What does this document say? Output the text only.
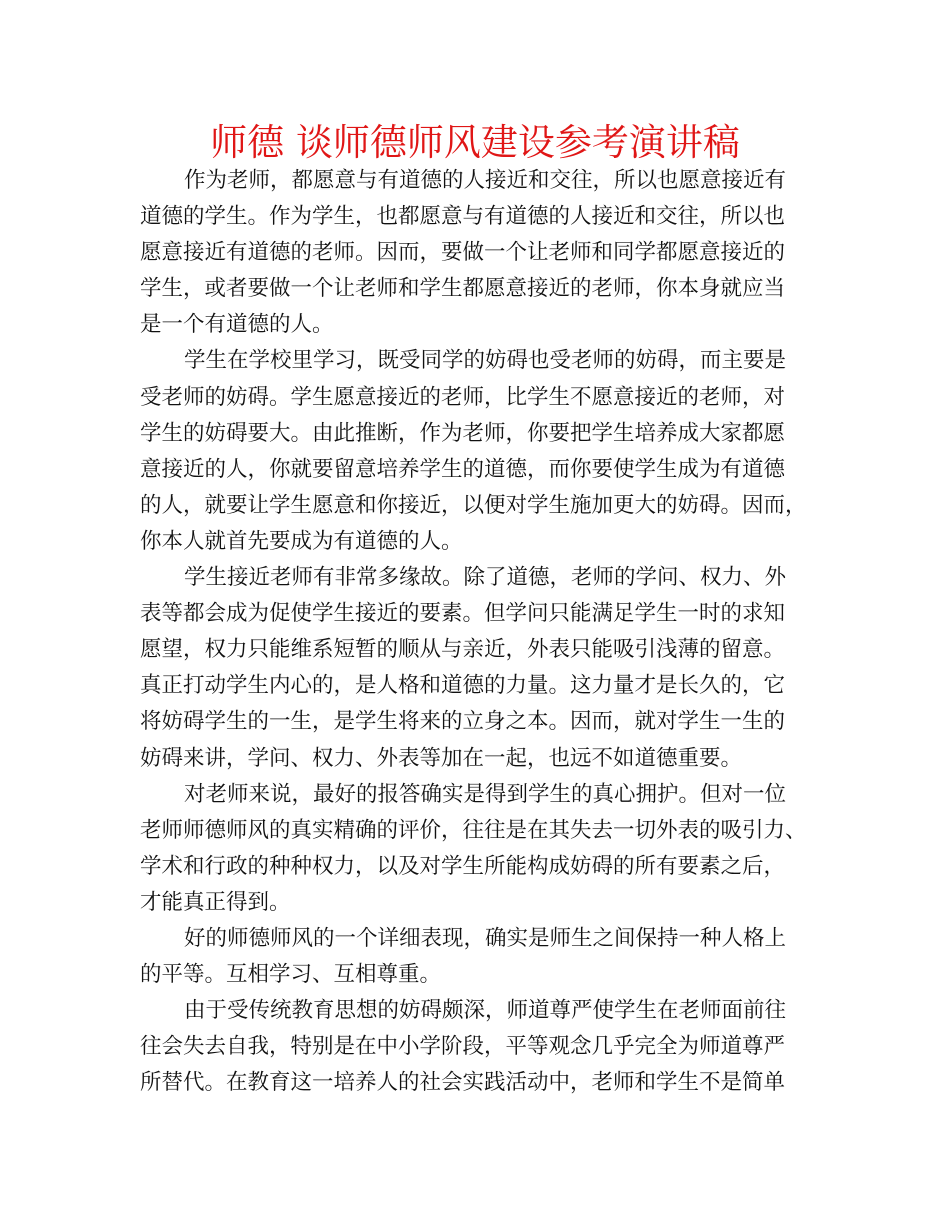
师德 谈师德师风建设参考演讲稿
作为老师，都愿意与有道德的人接近和交往，所以也愿意接近有
道德的学生。作为学生，也都愿意与有道德的人接近和交往，所以也
愿意接近有道德的老师。因而，要做一个让老师和同学都愿意接近的
学生，或者要做一个让老师和学生都愿意接近的老师，你本身就应当
是一个有道德的人。
学生在学校里学习，既受同学的妨碍也受老师的妨碍，而主要是
受老师的妨碍。学生愿意接近的老师，比学生不愿意接近的老师，对
学生的妨碍要大。由此推断，作为老师，你要把学生培养成大家都愿
意接近的人，你就要留意培养学生的道德，而你要使学生成为有道德
的人，就要让学生愿意和你接近，以便对学生施加更大的妨碍。因而，
你本人就首先要成为有道德的人。
学生接近老师有非常多缘故。除了道德，老师的学问、权力、外
表等都会成为促使学生接近的要素。但学问只能满足学生一时的求知
愿望，权力只能维系短暂的顺从与亲近，外表只能吸引浅薄的留意。
真正打动学生内心的，是人格和道德的力量。这力量才是长久的，它
将妨碍学生的一生，是学生将来的立身之本。因而，就对学生一生的
妨碍来讲，学问、权力、外表等加在一起，也远不如道德重要。
对老师来说，最好的报答确实是得到学生的真心拥护。但对一位
老师师德师风的真实精确的评价，往往是在其失去一切外表的吸引力、
学术和行政的种种权力，以及对学生所能构成妨碍的所有要素之后，
才能真正得到。
好的师德师风的一个详细表现，确实是师生之间保持一种人格上
的平等。互相学习、互相尊重。
由于受传统教育思想的妨碍颇深，师道尊严使学生在老师面前往
往会失去自我，特别是在中小学阶段，平等观念几乎完全为师道尊严
所替代。在教育这一培养人的社会实践活动中，老师和学生不是简单
